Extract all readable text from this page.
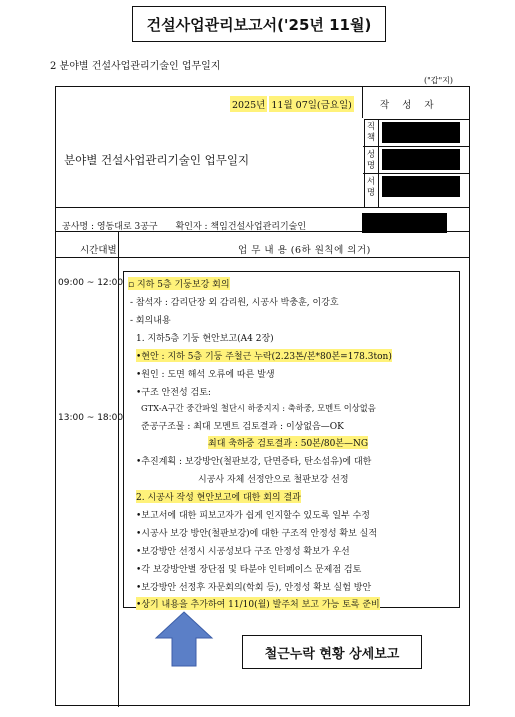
건설사업관리보고서('25년 11월)
2 분야별 건설사업관리기술인 업무일지
("갑"지)
2025년 11월 07일(금요일)	작 성 자
직책
성명
서명
분야별 건설사업관리기술인 업무일지
공사명 : 영동대로 3공구 확인자 : 책임건설사업관리기술인
시간대별	업 무 내 용 (6하 원칙에 의거)
09:00 ~ 12:00
13:00 ~ 18:00
▫ 지하 5층 기둥보강 회의
- 참석자 : 감리단장 외 감리원, 시공사 박충훈, 이강호
- 회의내용
1. 지하5층 기둥 현안보고(A4 2장)
•현안 : 지하 5층 기둥 주철근 누락(2.23톤/본*80본=178.3ton)
•원인 : 도면 해석 오류에 따른 발생
•구조 안전성 검토:
GTX-A구간 중간파일 철단시 하중지지 : 축하중, 모멘트 이상없음
준공구조물 : 최대 모멘트 검토결과 : 이상없음—OK
최대 축하중 검토결과 : 50본/80본—NG
•추진계획 : 보강방안(철판보강, 단면증타, 탄소섬유)에 대한
시공사 자체 선정안으로 철판보강 선정
2. 시공사 작성 현안보고에 대한 회의 결과
•보고서에 대한 피보고자가 쉽게 인지할수 있도록 일부 수정
•시공사 보강 방안(철판보강)에 대한 구조적 안정성 확보 실적
•보강방안 선정시 시공성보다 구조 안정성 확보가 우선
•각 보강방안별 장단점 및 타분야 인터페이스 문제점 검토
•보강방안 선정후 자문회의(학회 등), 안정성 확보 실험 방안
•상기 내용을 추가하여 11/10(월) 발주처 보고 가능 토록 준비
철근누락 현황 상세보고
